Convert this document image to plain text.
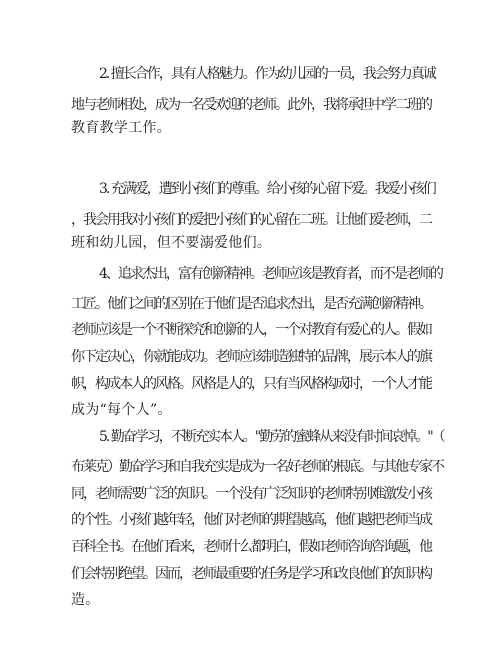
2. 擅长合作，具有人格魅力。作为幼儿园的一员，我会努力真诚
地与老师相处，成为一名受欢迎的老师。此外，我将承担中学二班的
教育教学工作。
3. 充满爱，遭到小孩们的尊重。给小孩的心留下爱。我爱小孩们
，我会用我对小孩们的爱把小孩们的心留在二班。让他们爱老师，二
班和幼儿园，但不要溺爱他们。
4、追求杰出，富有创新精神。老师应该是教育者，而不是老师的
工匠。他们之间的区别在于他们是否追求杰出，是否充满创新精神。
老师应该是一个不断探究和创新的人，一个对教育有爱心的人。假如
你下定决心，你就能成功。老师应该制造独特的品牌，展示本人的旗
帜，构成本人的风格。风格是人的，只有当风格构成时，一个人才能
成为“每个人”。
5. 勤奋学习，不断充实本人。"勤劳的蜜蜂从来没有时间哀悼。"（
布莱克）勤奋学习和自我充实是成为一名好老师的根底。与其他专家不
同，老师需要广泛的知识。一个没有广泛知识的老师特别难激发小孩
的个性。小孩们越年轻，他们对老师的期望越高，他们越把老师当成
百科全书。在他们看来，老师什么都明白，假如老师咨询咨询题，他
们会特别绝望。因而，老师最重要的任务是学习和改良他们的知识构
造。
